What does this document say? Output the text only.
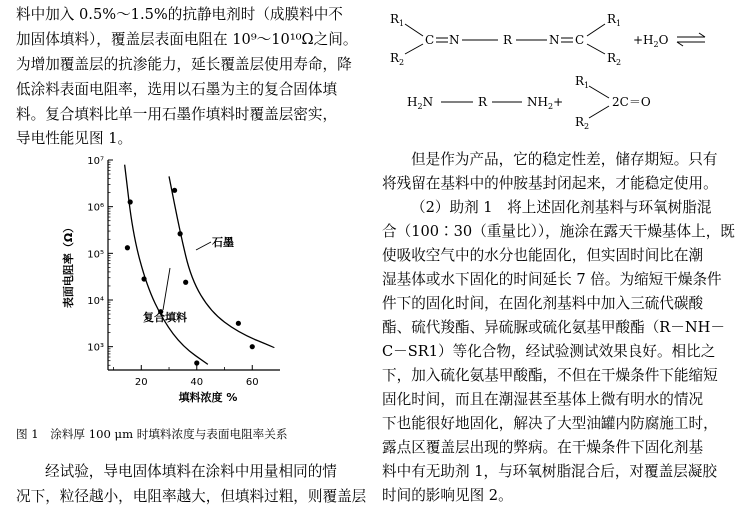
料中加入 0.5%～1.5%的抗静电剂时（成膜料中不
加固体填料），覆盖层表面电阻在 10⁹～10¹⁰Ω之间。
为增加覆盖层的抗渗能力，延长覆盖层使用寿命，降
低涂料表面电阻率，选用以石墨为主的复合固体填
料。复合填料比单一用石墨作填料时覆盖层密实，
导电性能见图 1。
10³
10⁴
10⁵
10⁶
10⁷
20	40	60
复合填料
石墨
填料浓度 %
表面电阻率（Ω）
图 1　涂料厚 100 μm 时填料浓度与表面电阻率关系
经试验，导电固体填料在涂料中用量相同的情
况下，粒径越小，电阻率越大，但填料过粗，则覆盖层
$R_1$
$R_2$
C N	R	N C
$R_1$
$R_2$
$+H_2O$
$H_2N$	R	$NH_2+$
$R_1$
$R_2$
2C＝O
但是作为产品，它的稳定性差，储存期短。只有
将残留在基料中的仲胺基封闭起来，才能稳定使用。
（2）助剂 1　将上述固化剂基料与环氧树脂混
合（100∶30（重量比）），施涂在露天干燥基体上，既
使吸收空气中的水分也能固化，但实固时间比在潮
湿基体或水下固化的时间延长 7 倍。为缩短干燥条件
件下的固化时间，在固化剂基料中加入三硫代碳酸
酯、硫代羧酯、异硫脲或硫化氨基甲酸酯（R－NH－
C－SR1）等化合物，经试验测试效果良好。相比之
下，加入硫化氨基甲酸酯，不但在干燥条件下能缩短
固化时间，而且在潮湿甚至基体上微有明水的情况
下也能很好地固化，解决了大型油罐内防腐施工时，
露点区覆盖层出现的弊病。在干燥条件下固化剂基
料中有无助剂 1，与环氧树脂混合后，对覆盖层凝胶
时间的影响见图 2。
